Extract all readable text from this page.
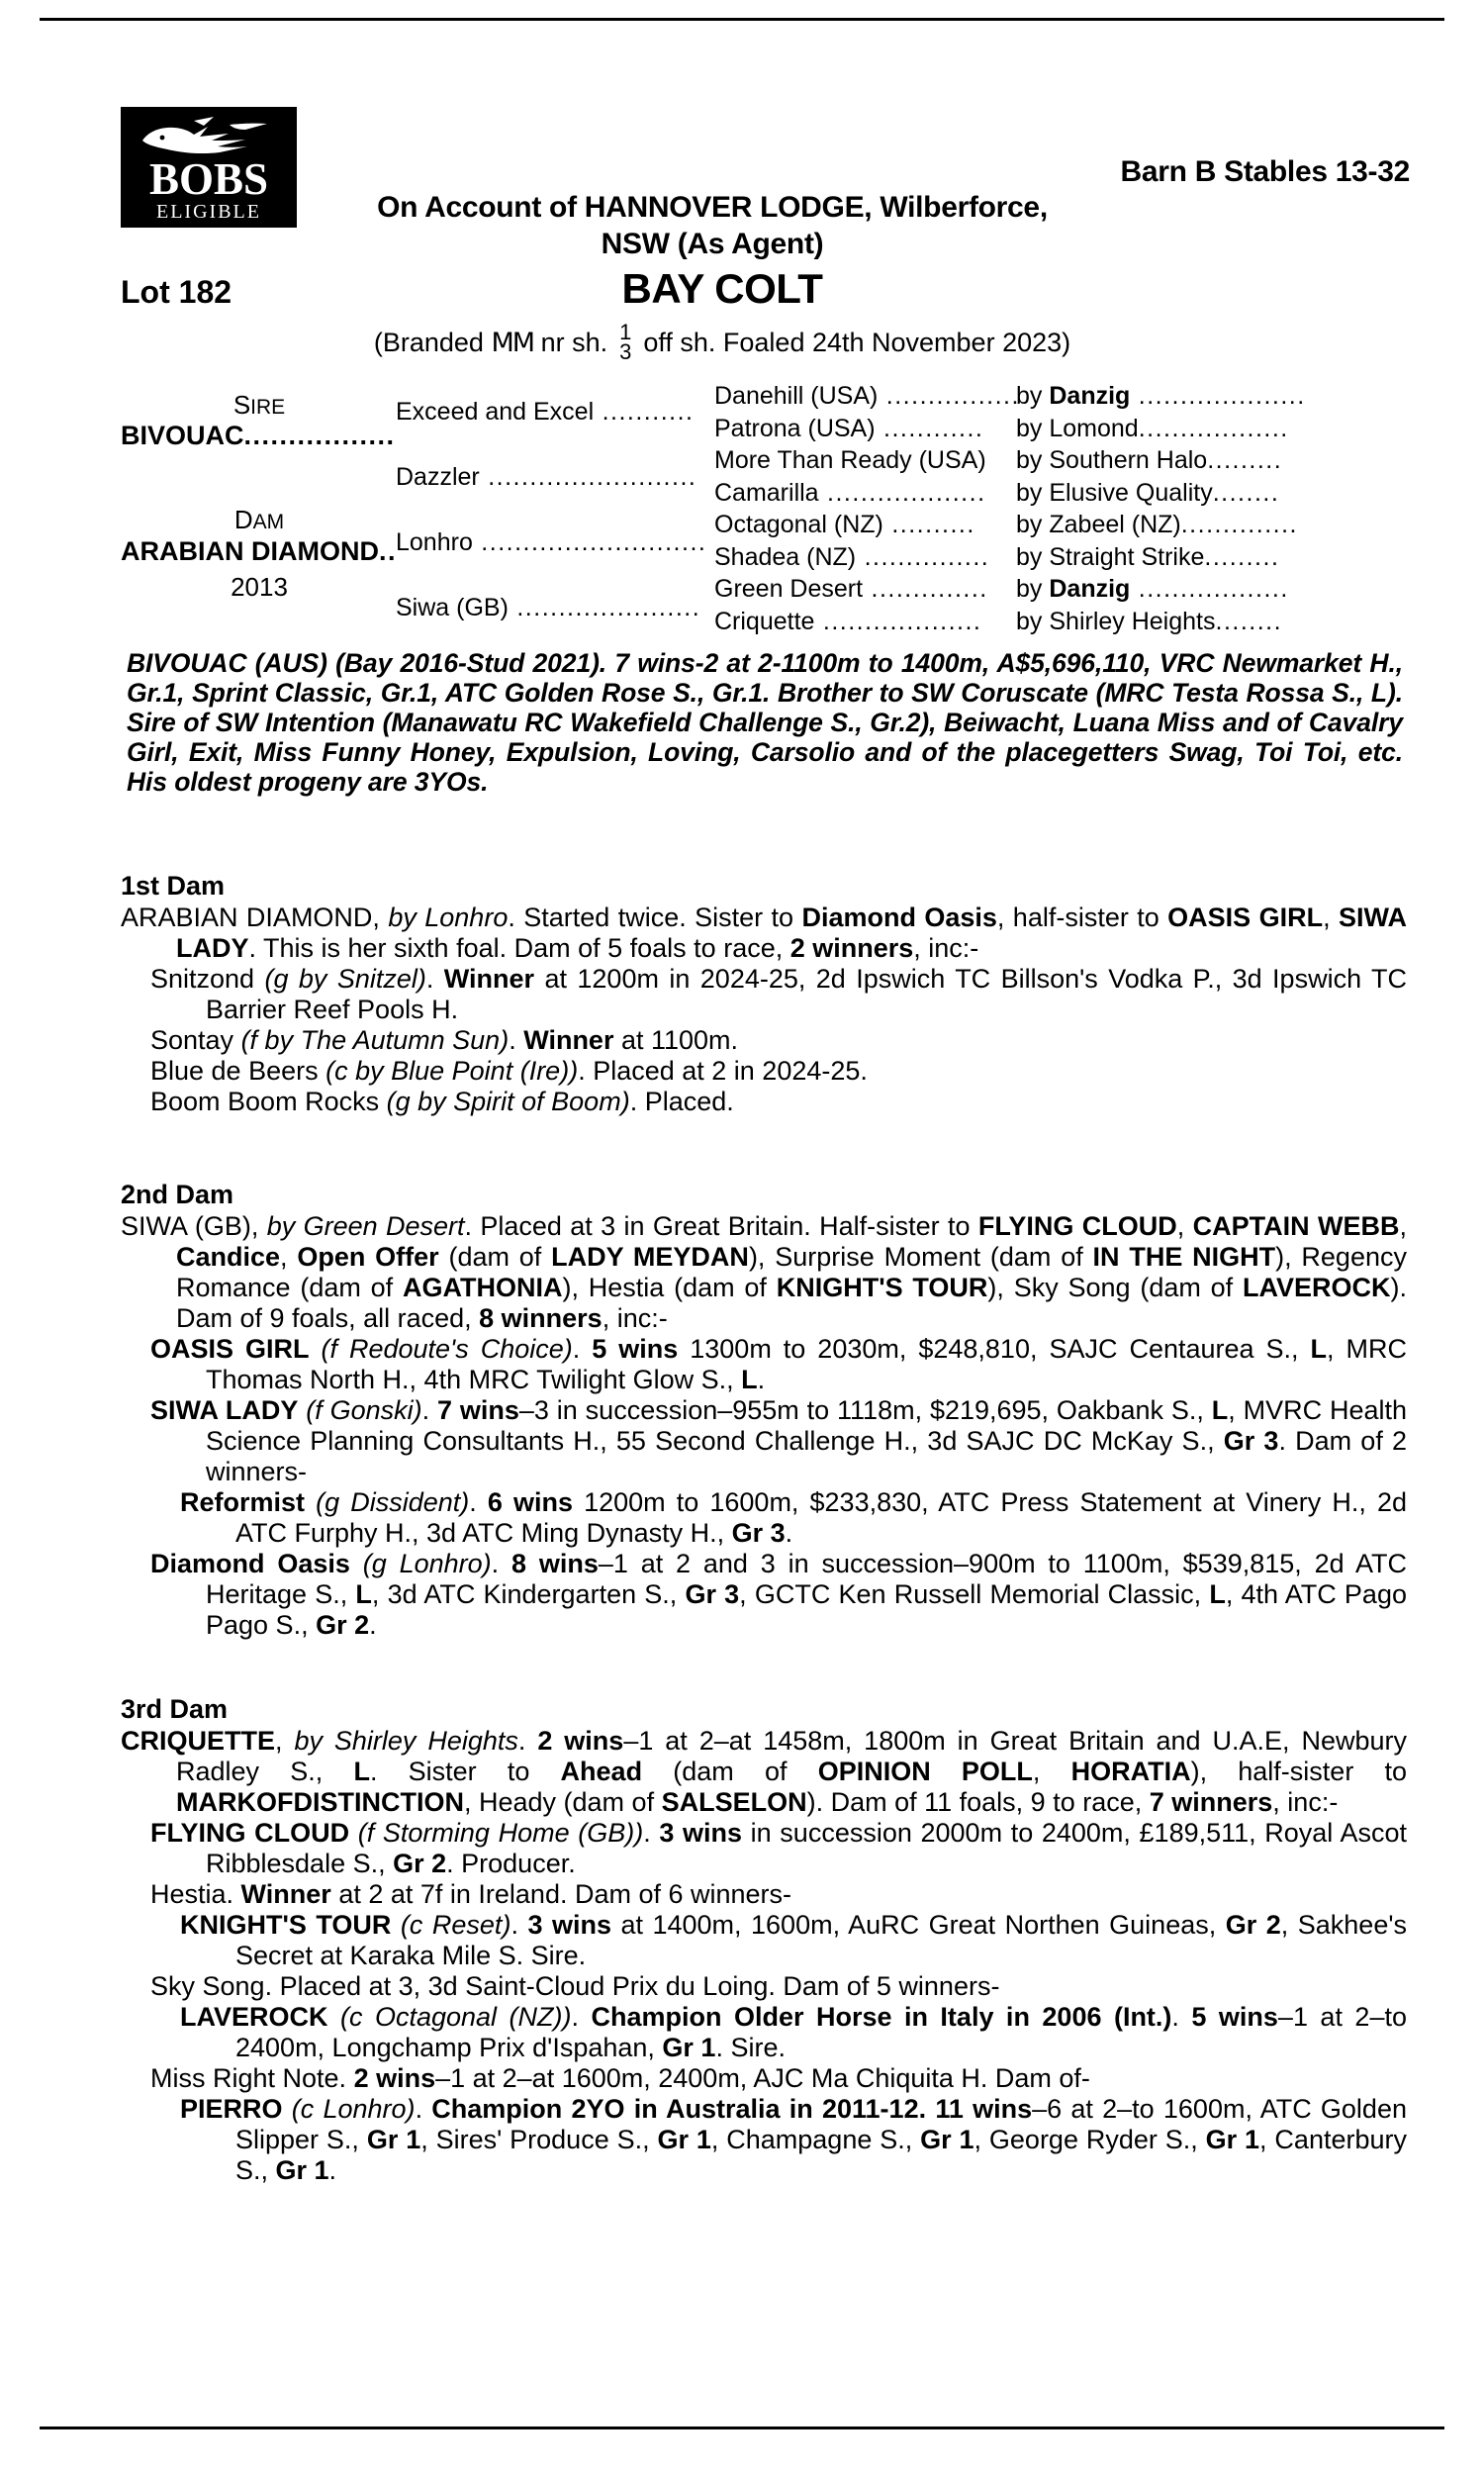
BOBS
ELIGIBLE
Barn B Stables 13-32
On Account of HANNOVER LODGE, Wilberforce,
NSW (As Agent)
Lot 182	BAY COLT
(Branded MM nr sh. 1
3 off sh. Foaled 24th November 2023)
SIRE
BIVOUAC.................
DAM
ARABIAN DIAMOND..
2013
Exceed and Excel ...........
Dazzler .........................
Lonhro ...........................
Siwa (GB) ......................
Danehill (USA) ................
Patrona (USA) ............
More Than Ready (USA)
Camarilla ...................
Octagonal (NZ) ..........
Shadea (NZ) ...............
Green Desert ..............
Criquette ...................
by Danzig ....................
by Lomond..................
by Southern Halo.........
by Elusive Quality........
by Zabeel (NZ)..............
by Straight Strike.........
by Danzig ..................
by Shirley Heights........
BIVOUAC (AUS) (Bay 2016-Stud 2021). 7 wins-2 at 2-1100m to 1400m, A$5,696,110, VRC Newmarket H., Gr.1, Sprint Classic, Gr.1, ATC Golden Rose S., Gr.1. Brother to SW Coruscate (MRC Testa Rossa S., L). Sire of SW Intention (Manawatu RC Wakefield Challenge S., Gr.2), Beiwacht, Luana Miss and of Cavalry Girl, Exit, Miss Funny Honey, Expulsion, Loving, Carsolio and of the placegetters Swag, Toi Toi, etc. His oldest progeny are 3YOs.
1st Dam

ARABIAN DIAMOND, by Lonhro. Started twice. Sister to Diamond Oasis, half-sister to OASIS GIRL, SIWA LADY. This is her sixth foal. Dam of 5 foals to race, 2 winners, inc:-

Snitzond (g by Snitzel). Winner at 1200m in 2024-25, 2d Ipswich TC Billson's Vodka P., 3d Ipswich TC Barrier Reef Pools H.

Sontay (f by The Autumn Sun). Winner at 1100m.

Blue de Beers (c by Blue Point (Ire)). Placed at 2 in 2024-25.

Boom Boom Rocks (g by Spirit of Boom). Placed.

2nd Dam

SIWA (GB), by Green Desert. Placed at 3 in Great Britain. Half-sister to FLYING CLOUD, CAPTAIN WEBB, Candice, Open Offer (dam of LADY MEYDAN), Surprise Moment (dam of IN THE NIGHT), Regency Romance (dam of AGATHONIA), Hestia (dam of KNIGHT'S TOUR), Sky Song (dam of LAVEROCK). Dam of 9 foals, all raced, 8 winners, inc:-

OASIS GIRL (f Redoute's Choice). 5 wins 1300m to 2030m, $248,810, SAJC Centaurea S., L, MRC Thomas North H., 4th MRC Twilight Glow S., L.

SIWA LADY (f Gonski). 7 wins–3 in succession–955m to 1118m, $219,695, Oakbank S., L, MVRC Health Science Planning Consultants H., 55 Second Challenge H., 3d SAJC DC McKay S., Gr 3. Dam of 2 winners-

Reformist (g Dissident). 6 wins 1200m to 1600m, $233,830, ATC Press Statement at Vinery H., 2d ATC Furphy H., 3d ATC Ming Dynasty H., Gr 3.

Diamond Oasis (g Lonhro). 8 wins–1 at 2 and 3 in succession–900m to 1100m, $539,815, 2d ATC Heritage S., L, 3d ATC Kindergarten S., Gr 3, GCTC Ken Russell Memorial Classic, L, 4th ATC Pago Pago S., Gr 2.

3rd Dam

CRIQUETTE, by Shirley Heights. 2 wins–1 at 2–at 1458m, 1800m in Great Britain and U.A.E, Newbury Radley S., L. Sister to Ahead (dam of OPINION POLL, HORATIA), half-sister to MARKOFDISTINCTION, Heady (dam of SALSELON). Dam of 11 foals, 9 to race, 7 winners, inc:-

FLYING CLOUD (f Storming Home (GB)). 3 wins in succession 2000m to 2400m, £189,511, Royal Ascot Ribblesdale S., Gr 2. Producer.

Hestia. Winner at 2 at 7f in Ireland. Dam of 6 winners-

KNIGHT'S TOUR (c Reset). 3 wins at 1400m, 1600m, AuRC Great Northen Guineas, Gr 2, Sakhee's Secret at Karaka Mile S. Sire.

Sky Song. Placed at 3, 3d Saint-Cloud Prix du Loing. Dam of 5 winners-

LAVEROCK (c Octagonal (NZ)). Champion Older Horse in Italy in 2006 (Int.). 5 wins–1 at 2–to 2400m, Longchamp Prix d'Ispahan, Gr 1. Sire.

Miss Right Note. 2 wins–1 at 2–at 1600m, 2400m, AJC Ma Chiquita H. Dam of-

PIERRO (c Lonhro). Champion 2YO in Australia in 2011-12. 11 wins–6 at 2–to 1600m, ATC Golden Slipper S., Gr 1, Sires' Produce S., Gr 1, Champagne S., Gr 1, George Ryder S., Gr 1, Canterbury S., Gr 1.
